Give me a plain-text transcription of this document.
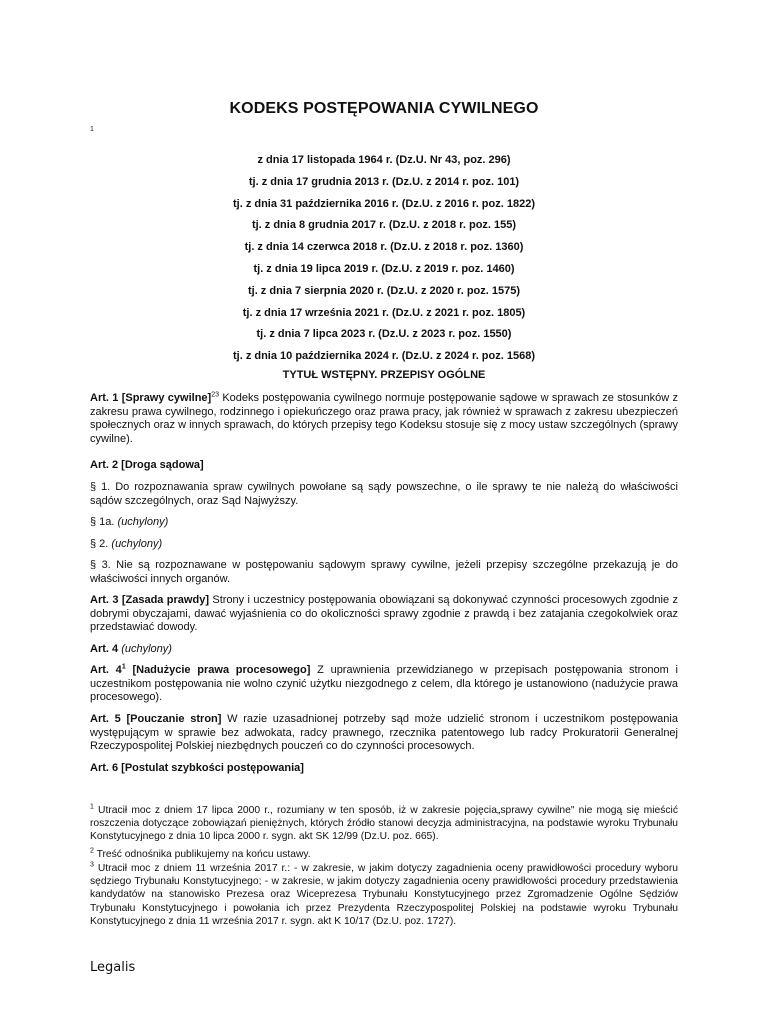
KODEKS POSTĘPOWANIA CYWILNEGO
1
z dnia 17 listopada 1964 r. (Dz.U. Nr 43, poz. 296)
tj. z dnia 17 grudnia 2013 r. (Dz.U. z 2014 r. poz. 101)
tj. z dnia 31 października 2016 r. (Dz.U. z 2016 r. poz. 1822)
tj. z dnia 8 grudnia 2017 r. (Dz.U. z 2018 r. poz. 155)
tj. z dnia 14 czerwca 2018 r. (Dz.U. z 2018 r. poz. 1360)
tj. z dnia 19 lipca 2019 r. (Dz.U. z 2019 r. poz. 1460)
tj. z dnia 7 sierpnia 2020 r. (Dz.U. z 2020 r. poz. 1575)
tj. z dnia 17 września 2021 r. (Dz.U. z 2021 r. poz. 1805)
tj. z dnia 7 lipca 2023 r. (Dz.U. z 2023 r. poz. 1550)
tj. z dnia 10 października 2024 r. (Dz.U. z 2024 r. poz. 1568)
TYTUŁ WSTĘPNY. PRZEPISY OGÓLNE

Art. 1 [Sprawy cywilne]$^{23}$ Kodeks postępowania cywilnego normuje postępowanie sądowe w sprawach ze stosunków z zakresu prawa cywilnego, rodzinnego i opiekuńczego oraz prawa pracy, jak również w sprawach z zakresu ubezpieczeń społecznych oraz w innych sprawach, do których przepisy tego Kodeksu stosuje się z mocy ustaw szczególnych (sprawy cywilne).

Art. 2 [Droga sądowa]

§ 1. Do rozpoznawania spraw cywilnych powołane są sądy powszechne, o ile sprawy te nie należą do właściwości sądów szczególnych, oraz Sąd Najwyższy.

§ 1a. (uchylony)

§ 2. (uchylony)

§ 3. Nie są rozpoznawane w postępowaniu sądowym sprawy cywilne, jeżeli przepisy szczególne przekazują je do właściwości innych organów.

Art. 3 [Zasada prawdy] Strony i uczestnicy postępowania obowiązani są dokonywać czynności procesowych zgodnie z dobrymi obyczajami, dawać wyjaśnienia co do okoliczności sprawy zgodnie z prawdą i bez zatajania czegokolwiek oraz przedstawiać dowody.

Art. 4 (uchylony)

Art. $4^1$ [Nadużycie prawa procesowego] Z uprawnienia przewidzianego w przepisach postępowania stronom i uczestnikom postępowania nie wolno czynić użytku niezgodnego z celem, dla którego je ustanowiono (nadużycie prawa procesowego).

Art. 5 [Pouczanie stron] W razie uzasadnionej potrzeby sąd może udzielić stronom i uczestnikom postępowania występującym w sprawie bez adwokata, radcy prawnego, rzecznika patentowego lub radcy Prokuratorii Generalnej Rzeczypospolitej Polskiej niezbędnych pouczeń co do czynności procesowych.

Art. 6 [Postulat szybkości postępowania]

$^1$ Utracił moc z dniem 17 lipca 2000 r., rozumiany w ten sposób, iż w zakresie pojęcia„sprawy cywilne" nie mogą się mieścić roszczenia dotyczące zobowiązań pieniężnych, których źródło stanowi decyzja administracyjna, na podstawie wyroku Trybunału Konstytucyjnego z dnia 10 lipca 2000 r. sygn. akt SK 12/99 (Dz.U. poz. 665).

$^2$ Treść odnośnika publikujemy na końcu ustawy.

$^3$ Utracił moc z dniem 11 września 2017 r.: - w zakresie, w jakim dotyczy zagadnienia oceny prawidłowości procedury wyboru sędziego Trybunału Konstytucyjnego; - w zakresie, w jakim dotyczy zagadnienia oceny prawidłowości procedury przedstawienia kandydatów na stanowisko Prezesa oraz Wiceprezesa Trybunału Konstytucyjnego przez Zgromadzenie Ogólne Sędziów Trybunału Konstytucyjnego i powołania ich przez Prezydenta Rzeczypospolitej Polskiej na podstawie wyroku Trybunału Konstytucyjnego z dnia 11 września 2017 r. sygn. akt K 10/17 (Dz.U. poz. 1727).

Legalis
